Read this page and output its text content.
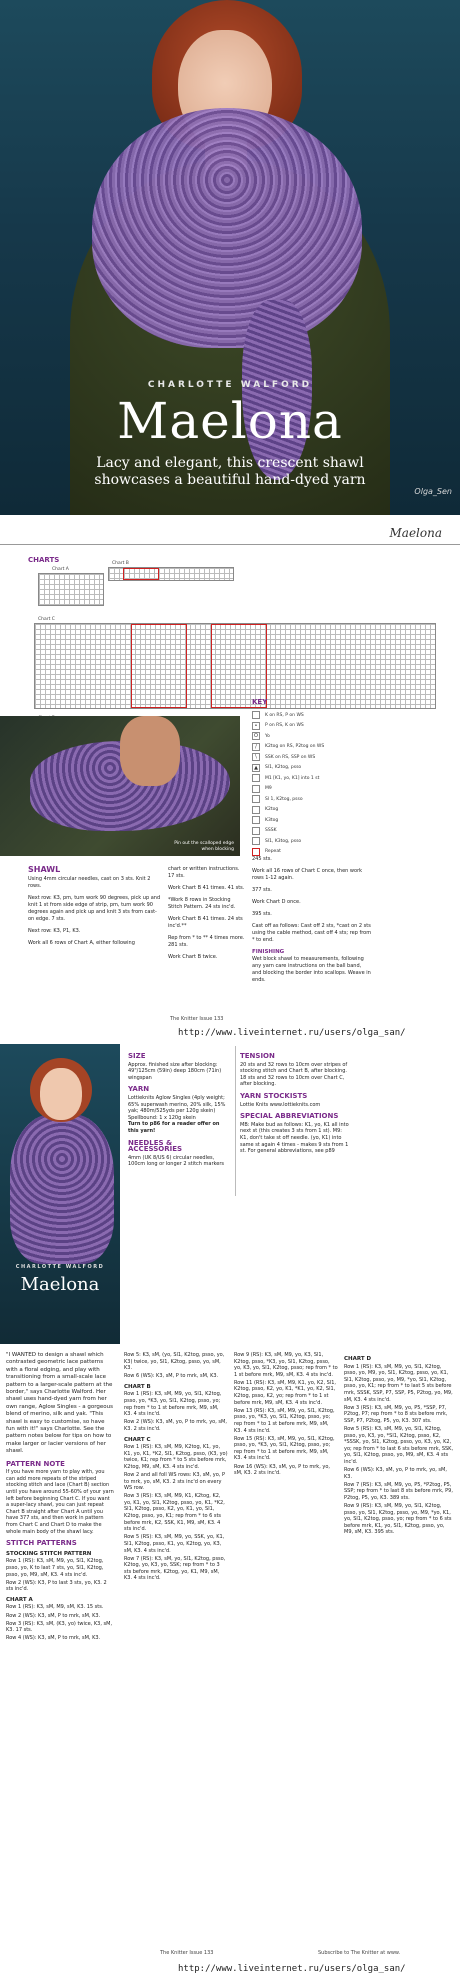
CHARLOTTE WALFORD
Maelona
Lacy and elegant, this crescent shawl showcases a beautiful hand-dyed yarn
Olga_Sen
Maelona
CHARTS
Chart A
Chart B
Chart C
Pin out the scalloped edge when blocking
KEY
K on RS, P on WS
•	P on RS, K on WS
O	Yo
/	K2tog on RS, P2tog on WS
\	SSK on RS, SSP on WS
▲	Sl1, K2tog, psso
M1 [K1, yo, K1] into 1 st
M9
Sl 1, K2tog, psso
K2tog
K3tog
SSSK
Sl1, K3tog, psso
Repeat
SHAWL

Using 4mm circular needles, cast on 3 sts. Knit 2 rows.

Next row: K3, pm, turn work 90 degrees, pick up and knit 1 st from side edge of strip, pm, turn work 90 degrees again and pick up and knit 3 sts from cast-on edge. 7 sts.

Next row: K3, P1, K3.

Work all 6 rows of Chart A, either following

chart or written instructions. 17 sts.

Work Chart B 41 times. 41 sts.

*Work 8 rows in Stocking Stitch Pattern. 24 sts inc'd.

Work Chart B 41 times. 24 sts inc'd.**

Rep from * to ** 4 times more. 281 sts.

Work Chart B twice.

245 sts.

Work all 16 rows of Chart C once, then work rows 1-12 again.

377 sts.

Work Chart D once.

395 sts.

Cast off as follows: Cast off 2 sts, *cast on 2 sts using the cable method, cast off 4 sts; rep from * to end.

FINISHING

Wet block shawl to measurements, following any yarn care instructions on the ball band, and blocking the border into scallops. Weave in ends.

The Knitter Issue 133
http://www.liveinternet.ru/users/olga_san/
CHARLOTTE WALFORD
Maelona
SIZE
Approx. finished size after blocking: 49"/125cm (59in) deep 180cm (71in) wingspan
YARN
Lottieknits Aglow Singles (4ply weight; 65% superwash merino, 20% silk, 15% yak; 480m/525yds per 120g skein)
Spellbound: 1 x 120g skein
Turn to p86 for a reader offer on this yarn!
NEEDLES & ACCESSORIES
4mm (UK 8/US 6) circular needles, 100cm long or longer 2 stitch markers
TENSION
20 sts and 32 rows to 10cm over stripes of stocking stitch and Chart B, after blocking. 18 sts and 32 rows to 10cm over Chart C, after blocking.
YARN STOCKISTS
Lottie Knits www.lottieknits.com
SPECIAL ABBREVIATIONS
MB: Make bud as follows: K1, yo, K1 all into next st (this creates 3 sts from 1 st). M9: K1, don't take st off needle. (yo, K1) into same st again 4 times - makes 9 sts from 1 st. For general abbreviations, see p89
"I WANTED to design a shawl which contrasted geometric lace patterns with a floral edging, and play with transitioning from a small-scale lace pattern to a larger-scale pattern at the border," says Charlotte Walford. Her shawl uses hand-dyed yarn from her own range, Aglow Singles - a gorgeous blend of merino, silk and yak. "This shawl is easy to customise, so have fun with it!" says Charlotte. See the pattern notes below for tips on how to make larger or lacier versions of her shawl.
PATTERN NOTE
If you have more yarn to play with, you can add more repeats of the striped stocking stitch and lace (Chart B) section until you have around 55-60% of your yarn left before beginning Chart C. If you want a super-lacy shawl, you can just repeat Chart B straight after Chart A until you have 377 sts, and then work in pattern from Chart C and Chart D to make the whole main body of the shawl lacy.
STITCH PATTERNS
STOCKING STITCH PATTERN
Row 1 (RS): K3, sM, M9, yo, Sl1, K2tog, psso, yo, K to last 7 sts, yo, Sl1, K2tog, psso, yo, M9, sM, K3. 4 sts inc'd.
Row 2 (WS): K3, P to last 3 sts, yo, K3. 2 sts inc'd.
CHART A
Row 1 (RS): K3, sM, M9, sM, K3. 15 sts.
Row 2 (WS): K3, sM, P to mrk, sM, K3.
Row 3 (RS): K3, sM, (K3, yo) twice, K3, sM, K3. 17 sts.
Row 4 (WS): K3, sM, P to mrk, sM, K3.
Row 5: K3, sM, (yo, Sl1, K2tog, psso, yo, K3) twice, yo, Sl1, K2tog, psso, yo, sM, K3.
Row 6 (WS): K3, sM, P to mrk, sM, K3.
CHART B
Row 1 (RS): K3, sM, M9, yo, Sl1, K2tog, psso, yo, *K3, yo, Sl1, K2tog, psso, yo; rep from * to 1 st before mrk, M9, sM, K3. 4 sts inc'd.
Row 2 (WS): K3, sM, yo, P to mrk, yo, sM, K3. 2 sts inc'd.
CHART C
Row 1 (RS): K3, sM, M9, K2tog, K1, yo, K1, yo, K1, *K2, Sl1, K2tog, psso, (K3, yo) twice, K1; rep from * to 5 sts before mrk, K2tog, M9, sM, K3. 4 sts inc'd.
Row 2 and all foll WS rows: K3, sM, yo, P to mrk, yo, sM, K3. 2 sts inc'd on every WS row.
Row 3 (RS): K3, sM, M9, K1, K2tog, K2, yo, K1, yo, Sl1, K2tog, psso, yo, K1, *K2, Sl1, K2tog, psso, K2, yo, K1, yo, Sl1, K2tog, psso, yo, K1; rep from * to 6 sts before mrk, K2, SSK, K1, M9, sM, K3. 4 sts inc'd.
Row 5 (RS): K3, sM, M9, yo, SSK, yo, K1, Sl1, K2tog, psso, K1, yo, K2tog, yo, K3, sM, K3. 4 sts inc'd.
Row 7 (RS): K3, sM, yo, Sl1, K2tog, psso, K2tog, yo, K3, yo, SSK; rep from * to 3 sts before mrk, K2tog, yo, K1, M9, sM, K3. 4 sts inc'd.
Row 9 (RS): K3, sM, M9, yo, K3, Sl1, K2tog, psso, *K3, yo, Sl1, K2tog, psso, yo, K3, yo, Sl1, K2tog, psso; rep from * to 1 st before mrk, M9, sM, K3. 4 sts inc'd.
Row 11 (RS): K3, sM, M9, K1, yo, K2, Sl1, K2tog, psso, K2, yo, K1, *K1, yo, K2, Sl1, K2tog, psso, K2, yo; rep from * to 1 st before mrk, M9, sM, K3. 4 sts inc'd.
Row 13 (RS): K3, sM, M9, yo, Sl1, K2tog, psso, yo, *K3, yo, Sl1, K2tog, psso, yo; rep from * to 1 st before mrk, M9, sM, K3. 4 sts inc'd.
Row 15 (RS): K3, sM, M9, yo, Sl1, K2tog, psso, yo, *K3, yo, Sl1, K2tog, psso, yo; rep from * to 1 st before mrk, M9, sM, K3. 4 sts inc'd.
Row 16 (WS): K3, sM, yo, P to mrk, yo, sM, K3. 2 sts inc'd.
CHART D
Row 1 (RS): K3, sM, M9, yo, Sl1, K2tog, psso, yo, M9, yo, Sl1, K2tog, psso, yo, K1, Sl1, K2tog, psso, yo, M9, *yo, Sl1, K2tog, psso, yo, K1; rep from * to last 5 sts before mrk, SSSK, SSP, P7, SSP, P5, P2tog, yo, M9, sM, K3. 4 sts inc'd.
Row 3 (RS): K3, sM, M9, yo, P5, *SSP, P7, P2tog, P7; rep from * to 8 sts before mrk, SSP, P7, P2tog, P5, yo, K3. 307 sts.
Row 5 (RS): K3, sM, M9, yo, Sl1, K2tog, psso, yo, K3, yo, *Sl1, K2tog, psso, K2, *SSSK, yo, Sl1, K2tog, psso, yo, K3, yo, K2, yo; rep from * to last 6 sts before mrk, SSK, yo, Sl1, K2tog, psso, yo, M9, sM, K3. 4 sts inc'd.
Row 6 (WS): K3, sM, yo, P to mrk, yo, sM, K3.
Row 7 (RS): K3, sM, M9, yo, P5, *P2tog, P5, SSP; rep from * to last 8 sts before mrk, P9, P2tog, P5, yo, K3. 389 sts.
Row 9 (RS): K3, sM, M9, yo, Sl1, K2tog, psso, yo, Sl1, K2tog, psso, yo, M9, *yo, K1, yo, Sl1, K2tog, psso, yo; rep from * to 6 sts before mrk, K1, yo, Sl1, K2tog, psso, yo, M9, sM, K3. 395 sts.
The Knitter Issue 133	Subscribe to The Knitter at www.
http://www.liveinternet.ru/users/olga_san/
